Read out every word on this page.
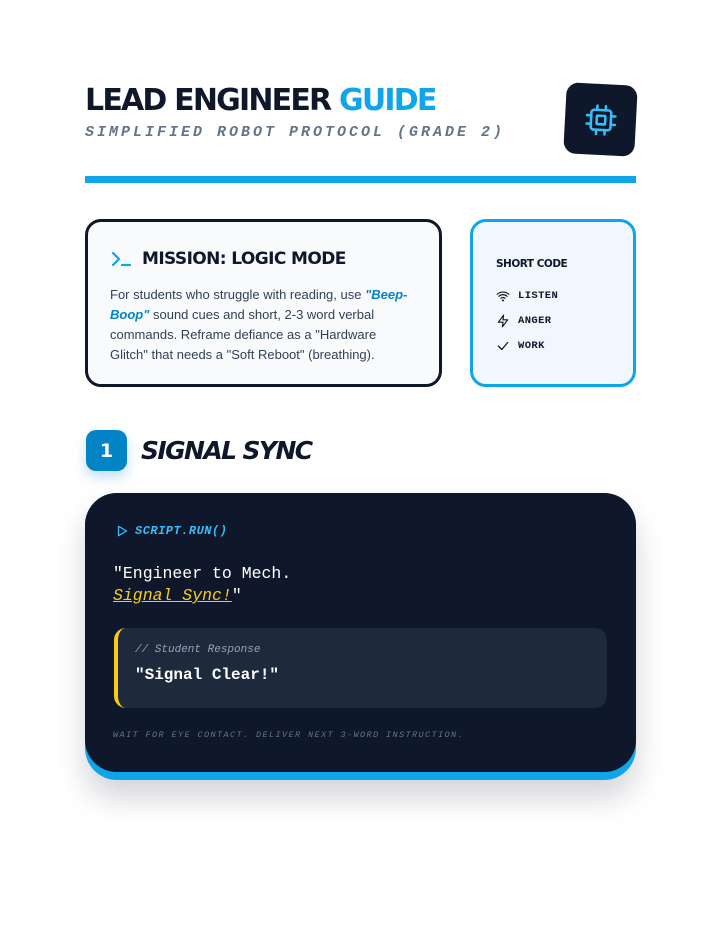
LEAD ENGINEER GUIDE
SIMPLIFIED ROBOT PROTOCOL (GRADE 2)
MISSION: LOGIC MODE

For students who struggle with reading, use "Beep-Boop" sound cues and short, 2-3 word verbal commands. Reframe defiance as a "Hardware Glitch" that needs a "Soft Reboot" (breathing).

SHORT CODE
LISTEN
ANGER
WORK
1	SIGNAL SYNC
SCRIPT.RUN()
"Engineer to Mech.
Signal Sync!"
// Student Response
"Signal Clear!"
WAIT FOR EYE CONTACT. DELIVER NEXT 3-WORD INSTRUCTION.
